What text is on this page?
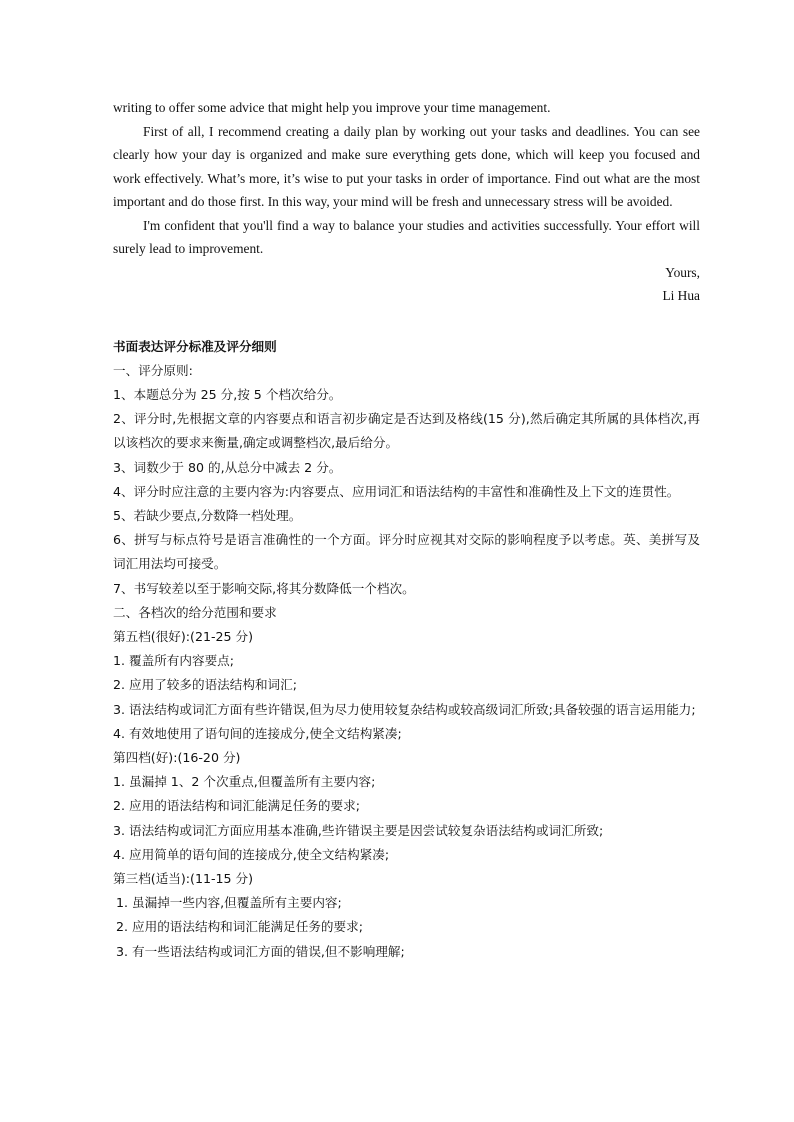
writing to offer some advice that might help you improve your time management.

First of all, I recommend creating a daily plan by working out your tasks and deadlines. You can see clearly how your day is organized and make sure everything gets done, which will keep you focused and work effectively. What’s more, it’s wise to put your tasks in order of importance. Find out what are the most important and do those first. In this way, your mind will be fresh and unnecessary stress will be avoided.

I'm confident that you'll find a way to balance your studies and activities successfully. Your effort will surely lead to improvement.

Yours,

Li Hua

书面表达评分标准及评分细则

一、评分原则:

1、本题总分为 25 分,按 5 个档次给分。

2、评分时,先根据文章的内容要点和语言初步确定是否达到及格线(15 分),然后确定其所属的具体档次,再以该档次的要求来衡量,确定或调整档次,最后给分。

3、词数少于 80 的,从总分中减去 2 分。

4、评分时应注意的主要内容为:内容要点、应用词汇和语法结构的丰富性和准确性及上下文的连贯性。

5、若缺少要点,分数降一档处理。

6、拼写与标点符号是语言准确性的一个方面。评分时应视其对交际的影响程度予以考虑。英、美拼写及词汇用法均可接受。

7、书写较差以至于影响交际,将其分数降低一个档次。

二、各档次的给分范围和要求

第五档(很好):(21-25 分)

1. 覆盖所有内容要点;

2. 应用了较多的语法结构和词汇;

3. 语法结构或词汇方面有些许错误,但为尽力使用较复杂结构或较高级词汇所致;具备较强的语言运用能力;

4. 有效地使用了语句间的连接成分,使全文结构紧凑;

第四档(好):(16-20 分)

1. 虽漏掉 1、2 个次重点,但覆盖所有主要内容;

2. 应用的语法结构和词汇能满足任务的要求;

3. 语法结构或词汇方面应用基本准确,些许错误主要是因尝试较复杂语法结构或词汇所致;

4. 应用简单的语句间的连接成分,使全文结构紧凑;

第三档(适当):(11-15 分)

1. 虽漏掉一些内容,但覆盖所有主要内容;

2. 应用的语法结构和词汇能满足任务的要求;

3. 有一些语法结构或词汇方面的错误,但不影响理解;
